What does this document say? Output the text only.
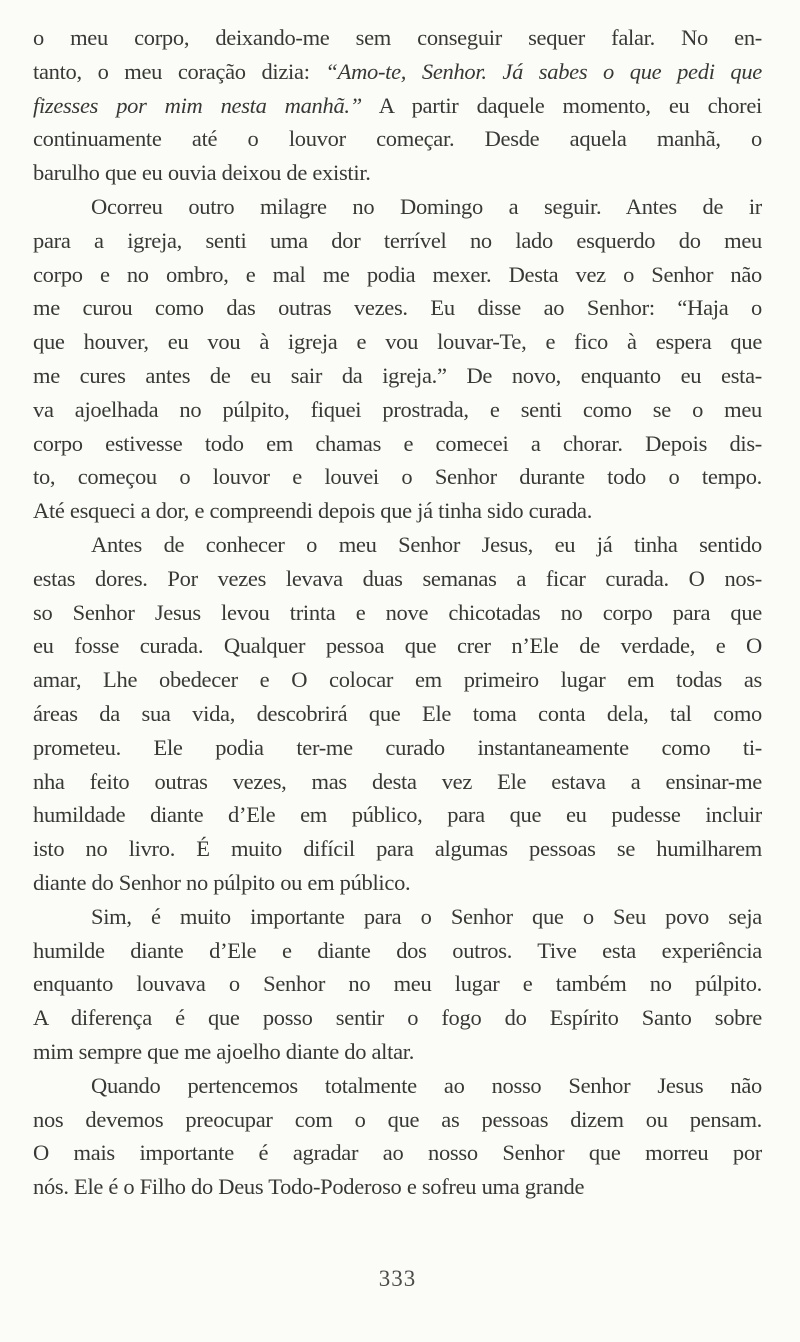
o meu corpo, deixando-me sem conseguir sequer falar. No en-
tanto, o meu coração dizia: “Amo-te, Senhor. Já sabes o que pedi que
fizesses por mim nesta manhã.” A partir daquele momento, eu chorei
continuamente até o louvor começar. Desde aquela manhã, o
barulho que eu ouvia deixou de existir.
Ocorreu outro milagre no Domingo a seguir. Antes de ir
para a igreja, senti uma dor terrível no lado esquerdo do meu
corpo e no ombro, e mal me podia mexer. Desta vez o Senhor não
me curou como das outras vezes. Eu disse ao Senhor: “Haja o
que houver, eu vou à igreja e vou louvar-Te, e fico à espera que
me cures antes de eu sair da igreja.” De novo, enquanto eu esta-
va ajoelhada no púlpito, fiquei prostrada, e senti como se o meu
corpo estivesse todo em chamas e comecei a chorar. Depois dis-
to, começou o louvor e louvei o Senhor durante todo o tempo.
Até esqueci a dor, e compreendi depois que já tinha sido curada.
Antes de conhecer o meu Senhor Jesus, eu já tinha sentido
estas dores. Por vezes levava duas semanas a ficar curada. O nos-
so Senhor Jesus levou trinta e nove chicotadas no corpo para que
eu fosse curada. Qualquer pessoa que crer n’Ele de verdade, e O
amar, Lhe obedecer e O colocar em primeiro lugar em todas as
áreas da sua vida, descobrirá que Ele toma conta dela, tal como
prometeu. Ele podia ter-me curado instantaneamente como ti-
nha feito outras vezes, mas desta vez Ele estava a ensinar-me
humildade diante d’Ele em público, para que eu pudesse incluir
isto no livro. É muito difícil para algumas pessoas se humilharem
diante do Senhor no púlpito ou em público.
Sim, é muito importante para o Senhor que o Seu povo seja
humilde diante d’Ele e diante dos outros. Tive esta experiência
enquanto louvava o Senhor no meu lugar e também no púlpito.
A diferença é que posso sentir o fogo do Espírito Santo sobre
mim sempre que me ajoelho diante do altar.
Quando pertencemos totalmente ao nosso Senhor Jesus não
nos devemos preocupar com o que as pessoas dizem ou pensam.
O mais importante é agradar ao nosso Senhor que morreu por
nós. Ele é o Filho do Deus Todo-Poderoso e sofreu uma grande
333
